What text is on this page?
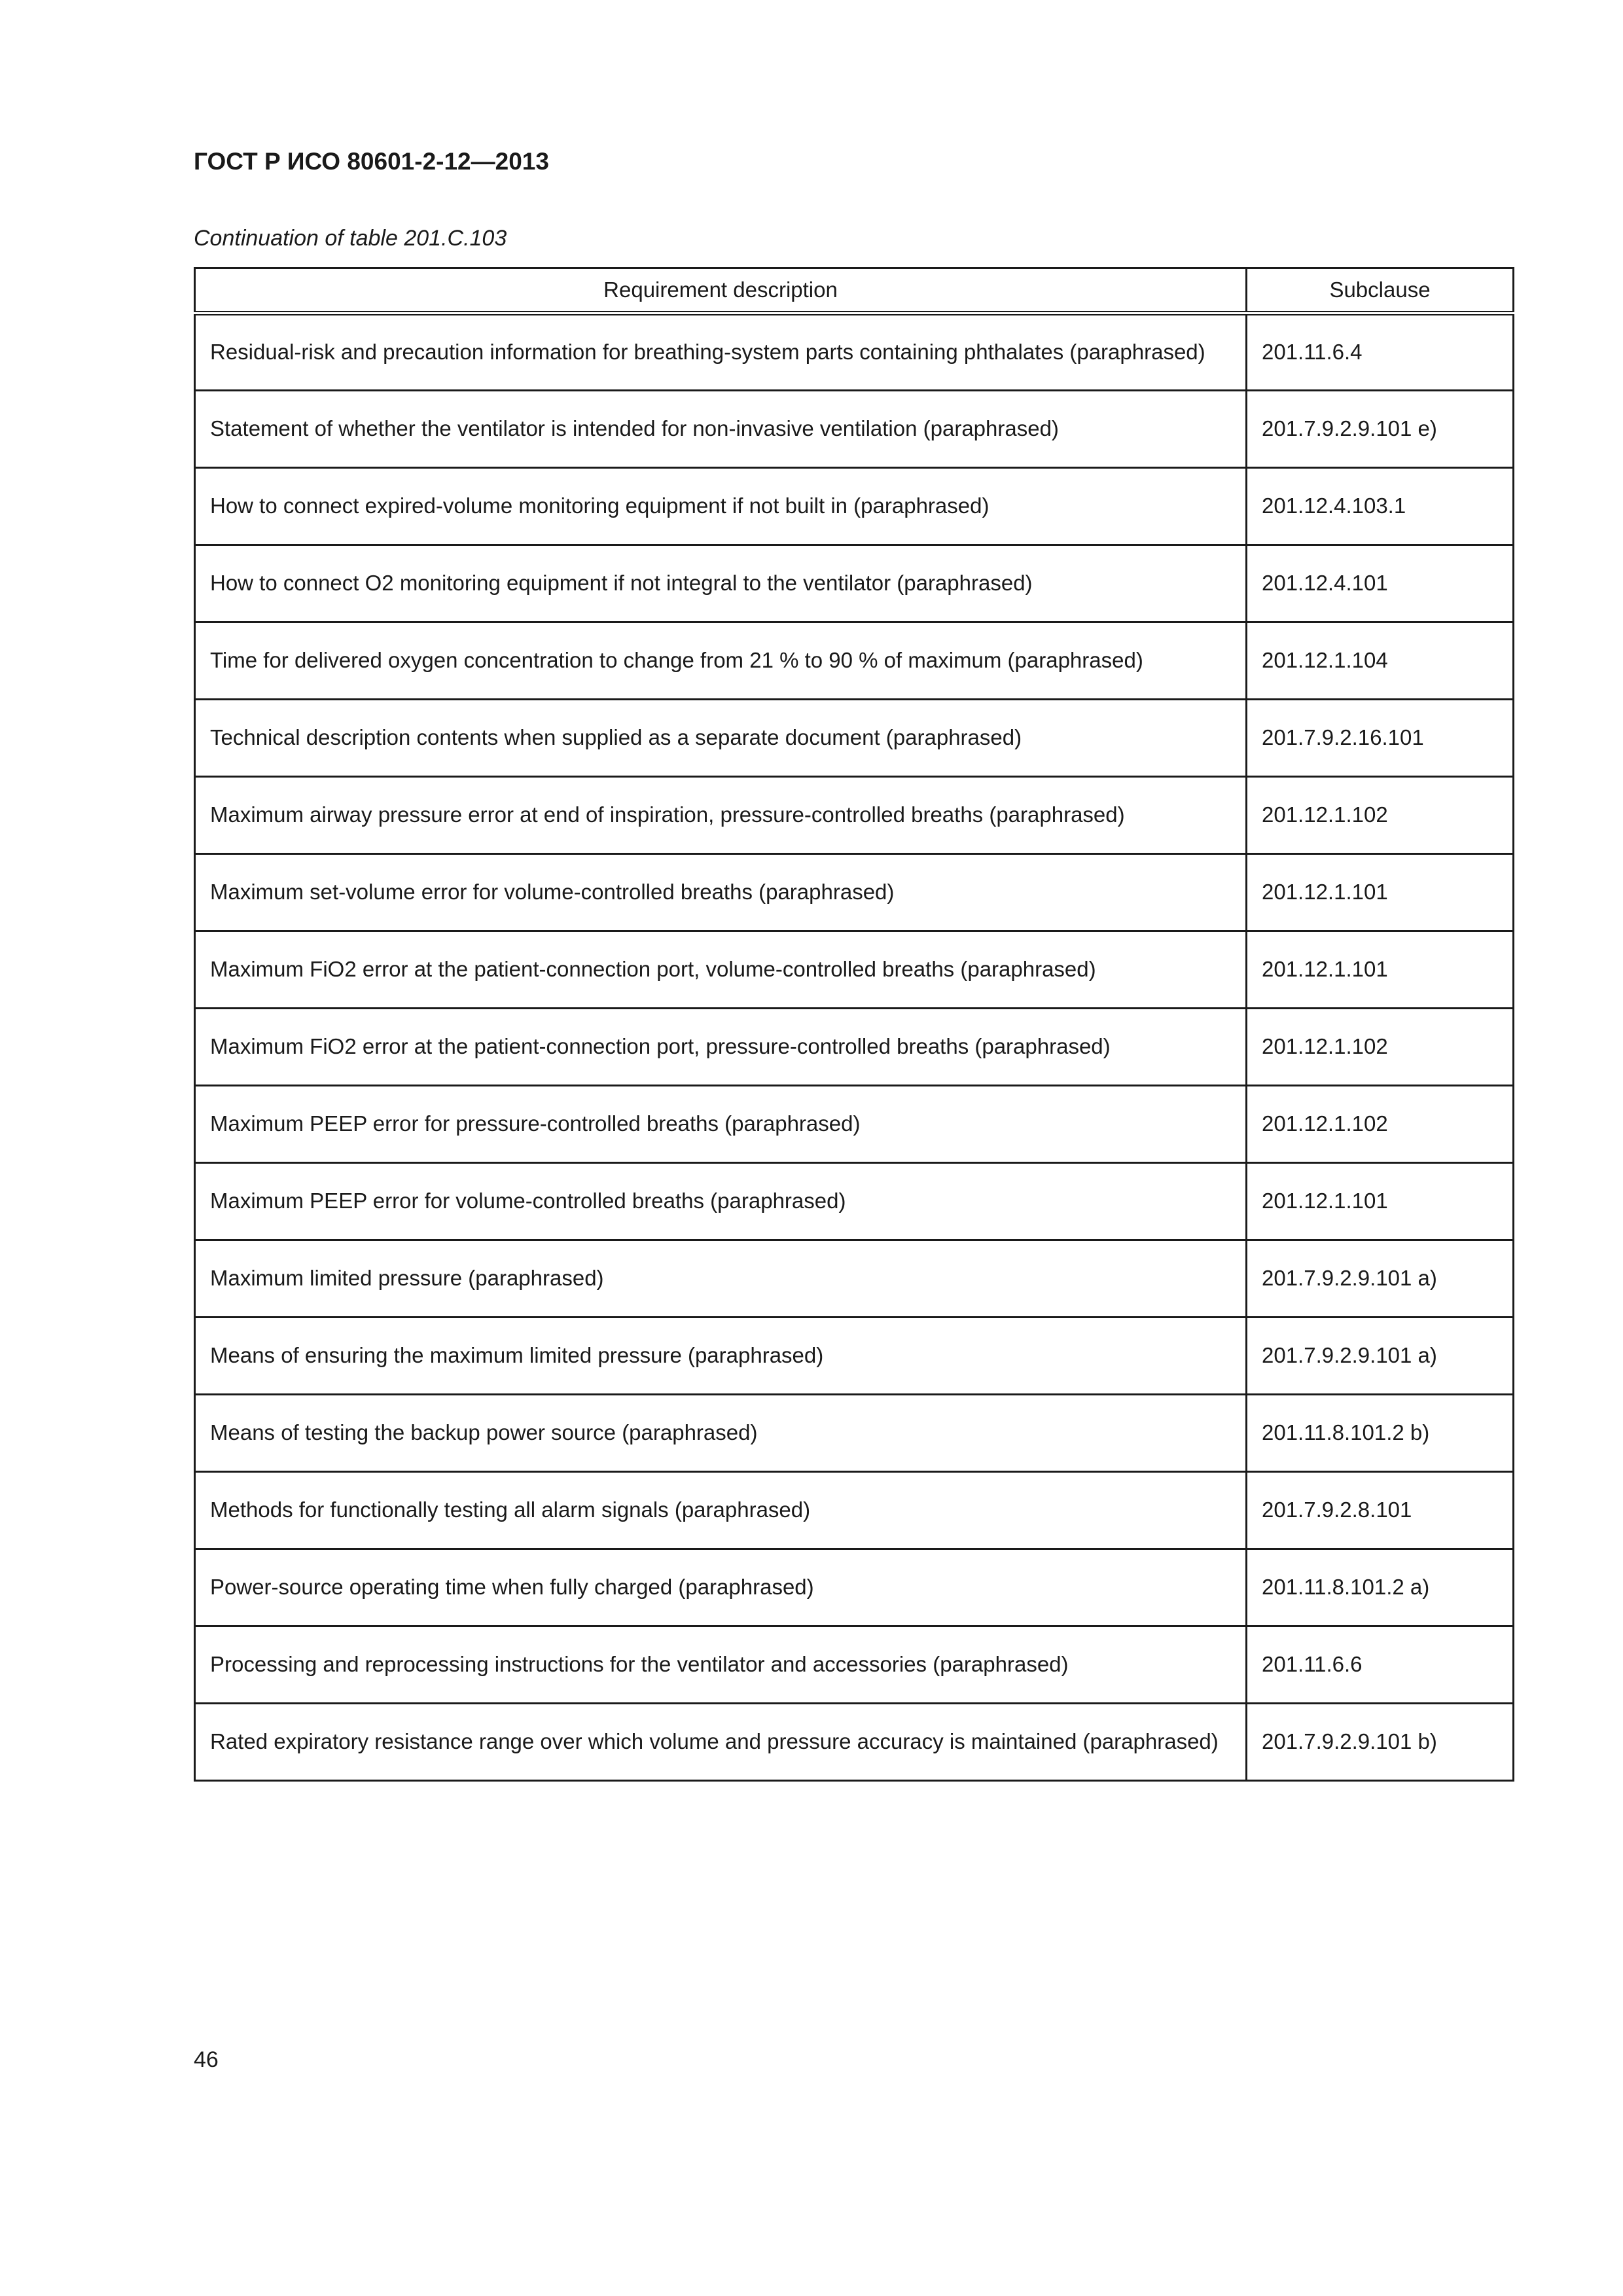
ГОСТ Р ИСО 80601-2-12—2013
Continuation of table 201.C.103
Requirement description	Subclause
Residual-risk and precaution information for breathing-system parts containing phthalates (paraphrased)	201.11.6.4
Statement of whether the ventilator is intended for non-invasive ventilation (paraphrased)	201.7.9.2.9.101 e)
How to connect expired-volume monitoring equipment if not built in (paraphrased)	201.12.4.103.1
How to connect O2 monitoring equipment if not integral to the ventilator (paraphrased)	201.12.4.101
Time for delivered oxygen concentration to change from 21 % to 90 % of maximum (paraphrased)	201.12.1.104
Technical description contents when supplied as a separate document (paraphrased)	201.7.9.2.16.101
Maximum airway pressure error at end of inspiration, pressure-controlled breaths (paraphrased)	201.12.1.102
Maximum set-volume error for volume-controlled breaths (paraphrased)	201.12.1.101
Maximum FiO2 error at the patient-connection port, volume-controlled breaths (paraphrased)	201.12.1.101
Maximum FiO2 error at the patient-connection port, pressure-controlled breaths (paraphrased)	201.12.1.102
Maximum PEEP error for pressure-controlled breaths (paraphrased)	201.12.1.102
Maximum PEEP error for volume-controlled breaths (paraphrased)	201.12.1.101
Maximum limited pressure (paraphrased)	201.7.9.2.9.101 a)
Means of ensuring the maximum limited pressure (paraphrased)	201.7.9.2.9.101 a)
Means of testing the backup power source (paraphrased)	201.11.8.101.2 b)
Methods for functionally testing all alarm signals (paraphrased)	201.7.9.2.8.101
Power-source operating time when fully charged (paraphrased)	201.11.8.101.2 a)
Processing and reprocessing instructions for the ventilator and accessories (paraphrased)	201.11.6.6
Rated expiratory resistance range over which volume and pressure accuracy is maintained (paraphrased)	201.7.9.2.9.101 b)
46
